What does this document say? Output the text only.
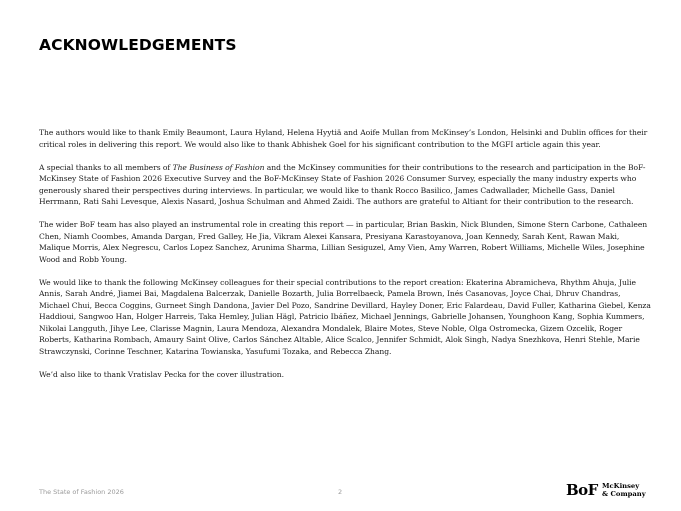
ACKNOWLEDGEMENTS

The authors would like to thank Emily Beaumont, Laura Hyland, Helena Hyytiä and Aoife Mullan from McKinsey’s London, Helsinki and Dublin offices for their critical roles in delivering this report. We would also like to thank Abhishek Goel for his significant contribution to the MGFI article again this year.

A special thanks to all members of The Business of Fashion and the McKinsey communities for their contributions to the research and participation in the BoF-McKinsey State of Fashion 2026 Executive Survey and the BoF-McKinsey State of Fashion 2026 Consumer Survey, especially the many industry experts who generously shared their perspectives during interviews. In particular, we would like to thank Rocco Basilico, James Cadwallader, Michelle Gass, Daniel Herrmann, Rati Sahi Levesque, Alexis Nasard, Joshua Schulman and Ahmed Zaidi. The authors are grateful to Altiant for their contribution to the research.

The wider BoF team has also played an instrumental role in creating this report — in particular, Brian Baskin, Nick Blunden, Simone Stern Carbone, Cathaleen Chen, Niamh Coombes, Amanda Dargan, Fred Galley, He Jia, Vikram Alexei Kansara, Presiyana Karastoyanova, Joan Kennedy, Sarah Kent, Rawan Maki, Malique Morris, Alex Negrescu, Carlos Lopez Sanchez, Arunima Sharma, Lillian Sesiguzel, Amy Vien, Amy Warren, Robert Williams, Michelle Wiles, Josephine Wood and Robb Young.

We would like to thank the following McKinsey colleagues for their special contributions to the report creation: Ekaterina Abramicheva, Rhythm Ahuja, Julie Annis, Sarah André, Jiamei Bai, Magdalena Balcerzak, Danielle Bozarth, Julia Borrelbaeck, Pamela Brown, Inés Casanovas, Joyce Chai, Dhruv Chandras, Michael Chui, Becca Coggins, Gurneet Singh Dandona, Javier Del Pozo, Sandrine Devillard, Hayley Doner, Eric Falardeau, David Fuller, Katharina Giebel, Kenza Haddioui, Sangwoo Han, Holger Harreis, Taka Hemley, Julian Hägl, Patricio Ibáñez, Michael Jennings, Gabrielle Johansen, Younghoon Kang, Sophia Kummers, Nikolai Langguth, Jihye Lee, Clarisse Magnin, Laura Mendoza, Alexandra Mondalek, Blaire Motes, Steve Noble, Olga Ostromecka, Gizem Ozcelik, Roger Roberts, Katharina Rombach, Amaury Saint Olive, Carlos Sánchez Altable, Alice Scalco, Jennifer Schmidt, Alok Singh, Nadya Snezhkova, Henri Stehle, Marie Strawczynski, Corinne Teschner, Katarina Towianska, Yasufumi Tozaka, and Rebecca Zhang.

We’d also like to thank Vratislav Pecka for the cover illustration.

The State of Fashion 2026	2	BoF McKinsey
& Company
